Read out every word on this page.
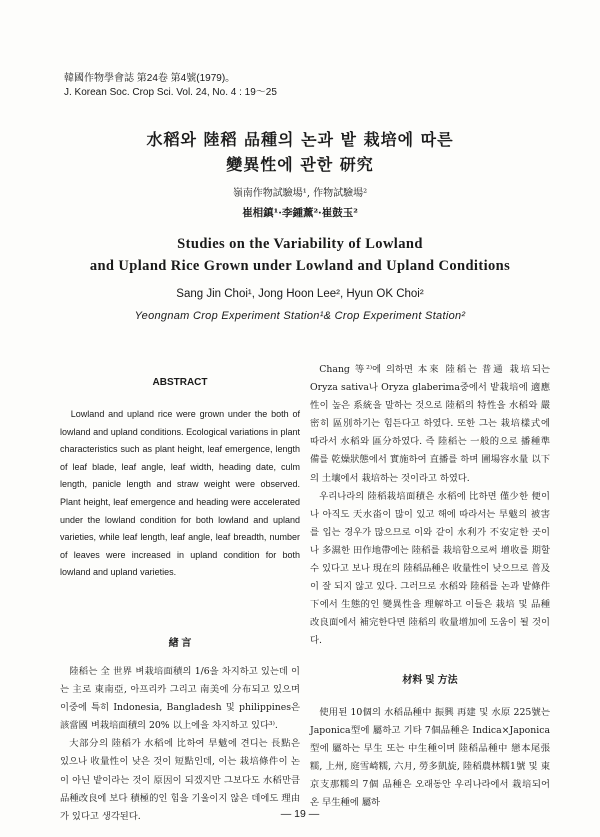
韓國作物學會誌 第24卷 第4號(1979)。
J. Korean Soc. Crop Sci. Vol. 24, No. 4 : 19～25
水稻와 陸稻 品種의 논과 밭 栽培에 따른
變異性에 관한 研究
嶺南作物試驗場¹, 作物試驗場²
崔相鎮¹·李鍾薰²·崔鼓玉²
Studies on the Variability of Lowland
and Upland Rice Grown under Lowland and Upland Conditions
Sang Jin Choi¹, Jong Hoon Lee², Hyun OK Choi²
Yeongnam Crop Experiment Station¹& Crop Experiment Station²
ABSTRACT

Lowland and upland rice were grown under the both of lowland and upland conditions. Ecological variations in plant characteristics such as plant height, leaf emergence, length of leaf blade, leaf angle, leaf width, heading date, culm length, panicle length and straw weight were observed. Plant height, leaf emergence and heading were accelerated under the lowland condition for both lowland and upland varieties, while leaf length, leaf angle, leaf breadth, number of leaves were increased in upland condition for both lowland and upland varieties.

緖 言

陸稻는 全 世界 벼栽培面積의 1/6을 차지하고 있는데 이는 主로 東南亞, 아프리카 그리고 南美에 分布되고 있으며 이중에 특히 Indonesia, Bangladesh 및 philippines은 該當國 벼栽培面積의 20% 以上에을 차지하고 있다³⁾.

大部分의 陸稻가 水稻에 比하여 旱魃에 견디는 長點은 있으나 收量性이 낮은 것이 短點인데, 이는 栽培條件이 논이 아닌 밭이라는 것이 原因이 되겠지만 그보다도 水稻만큼 品種改良에 보다 積極的인 힘을 기울이지 않은 데에도 理由가 있다고 생각된다.

Chang 等²⁾에 의하면 本來 陸稻는 普通 栽培되는 Oryza sativa나 Oryza glaberima중에서 밭栽培에 適應性이 높은 系統을 말하는 것으로 陸稻의 特性을 水稻와 嚴密히 區別하기는 힘든다고 하였다. 또한 그는 栽培樣式에 따라서 水稻와 區分하였다. 즉 陸稻는 一般的으로 播種準備를 乾燥狀態에서 實施하여 直播를 하며 圃場容水量 以下의 土壤에서 栽培하는 것이라고 하였다.

우리나라의 陸稻栽培面積은 水稻에 比하면 僅少한 便이나 아직도 天水畓이 많이 있고 해에 따라서는 旱魃의 被害를 입는 경우가 많으므로 이와 같이 水利가 不安定한 곳이나 多濕한 田作地帶에는 陸稻를 栽培함으로써 增收를 期할 수 있다고 보나 現在의 陸稻品種은 收量性이 낮으므로 普及이 잘 되지 않고 있다. 그러므로 水稻와 陸稻를 논과 밭條件下에서 生態的인 變異性을 理解하고 이들은 栽培 및 品種改良面에서 補完한다면 陸稻의 收量增加에 도움이 될 것이다.

材料 및 方法

使用된 10個의 水稻品種中 振興 再建 및 水原 225號는 Japonica型에 屬하고 기타 7個品種은 Indica×Japonica型에 屬하는 早生 또는 中生種이며 陸稻品種中 戀本尾張糯, 上州, 庭雪崎糯, 六月, 勞多凱旋, 陸稻農林糯1號 및 東京支那糯의 7個 品種은 오래동안 우리나라에서 栽培되어 온 早生種에 屬하

— 19 —
